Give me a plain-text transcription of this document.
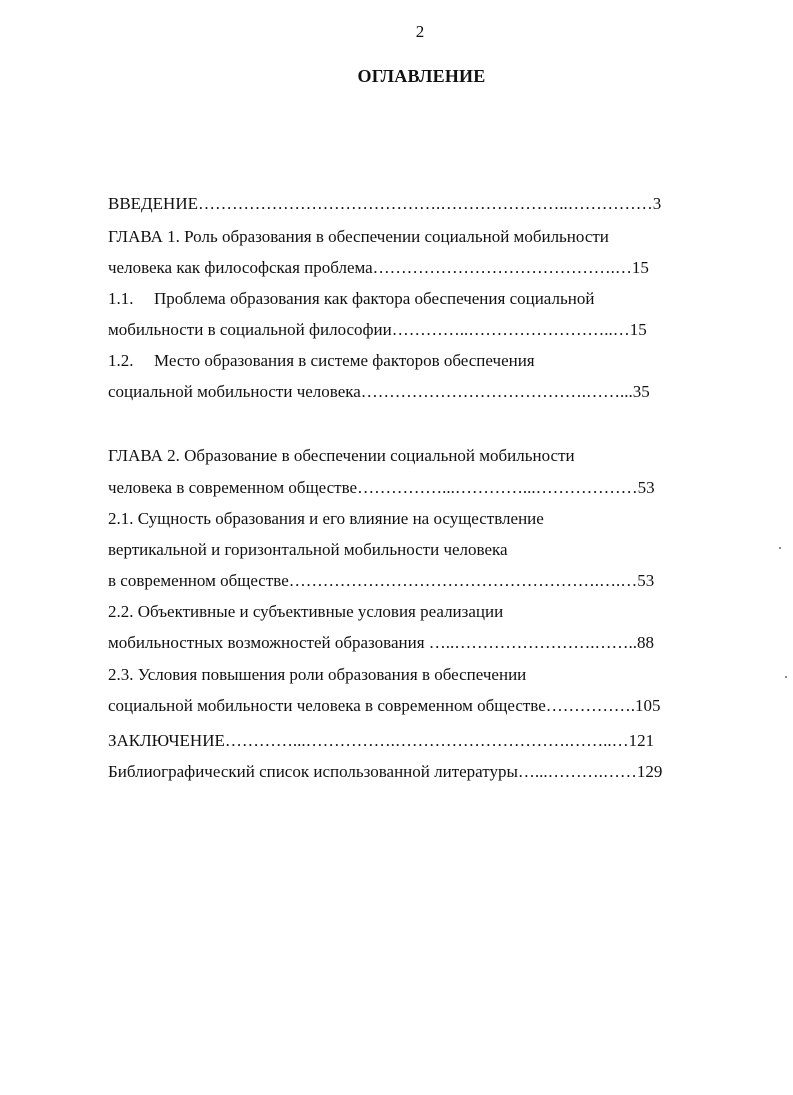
2
ОГЛАВЛЕНИЕ
ВВЕДЕНИЕ…………………………………….…………………..……………3
ГЛАВА 1. Роль образования в обеспечении социальной мобильности
человека как философская проблема…………………………………….…15
1.1. Проблема образования как фактора обеспечения социальной
мобильности в социальной философии…………..……………………..…15
1.2. Место образования в системе факторов обеспечения
социальной мобильности человека………………………………….……...35
ГЛАВА 2. Образование в обеспечении социальной мобильности
человека в современном обществе……………...…………...………………53
2.1. Сущность образования и его влияние на осуществление
вертикальной и горизонтальной мобильности человека
в современном обществе……………………………………………….….…53
2.2. Объективные и субъективные условия реализации
мобильностных возможностей образования …..…………………….……..88
2.3. Условия повышения роли образования в обеспечении
социальной мобильности человека в современном обществе…………….105
ЗАКЛЮЧЕНИЕ…………...…………….………………………….……..…121
Библиографический список использованной литературы…...……….……129
